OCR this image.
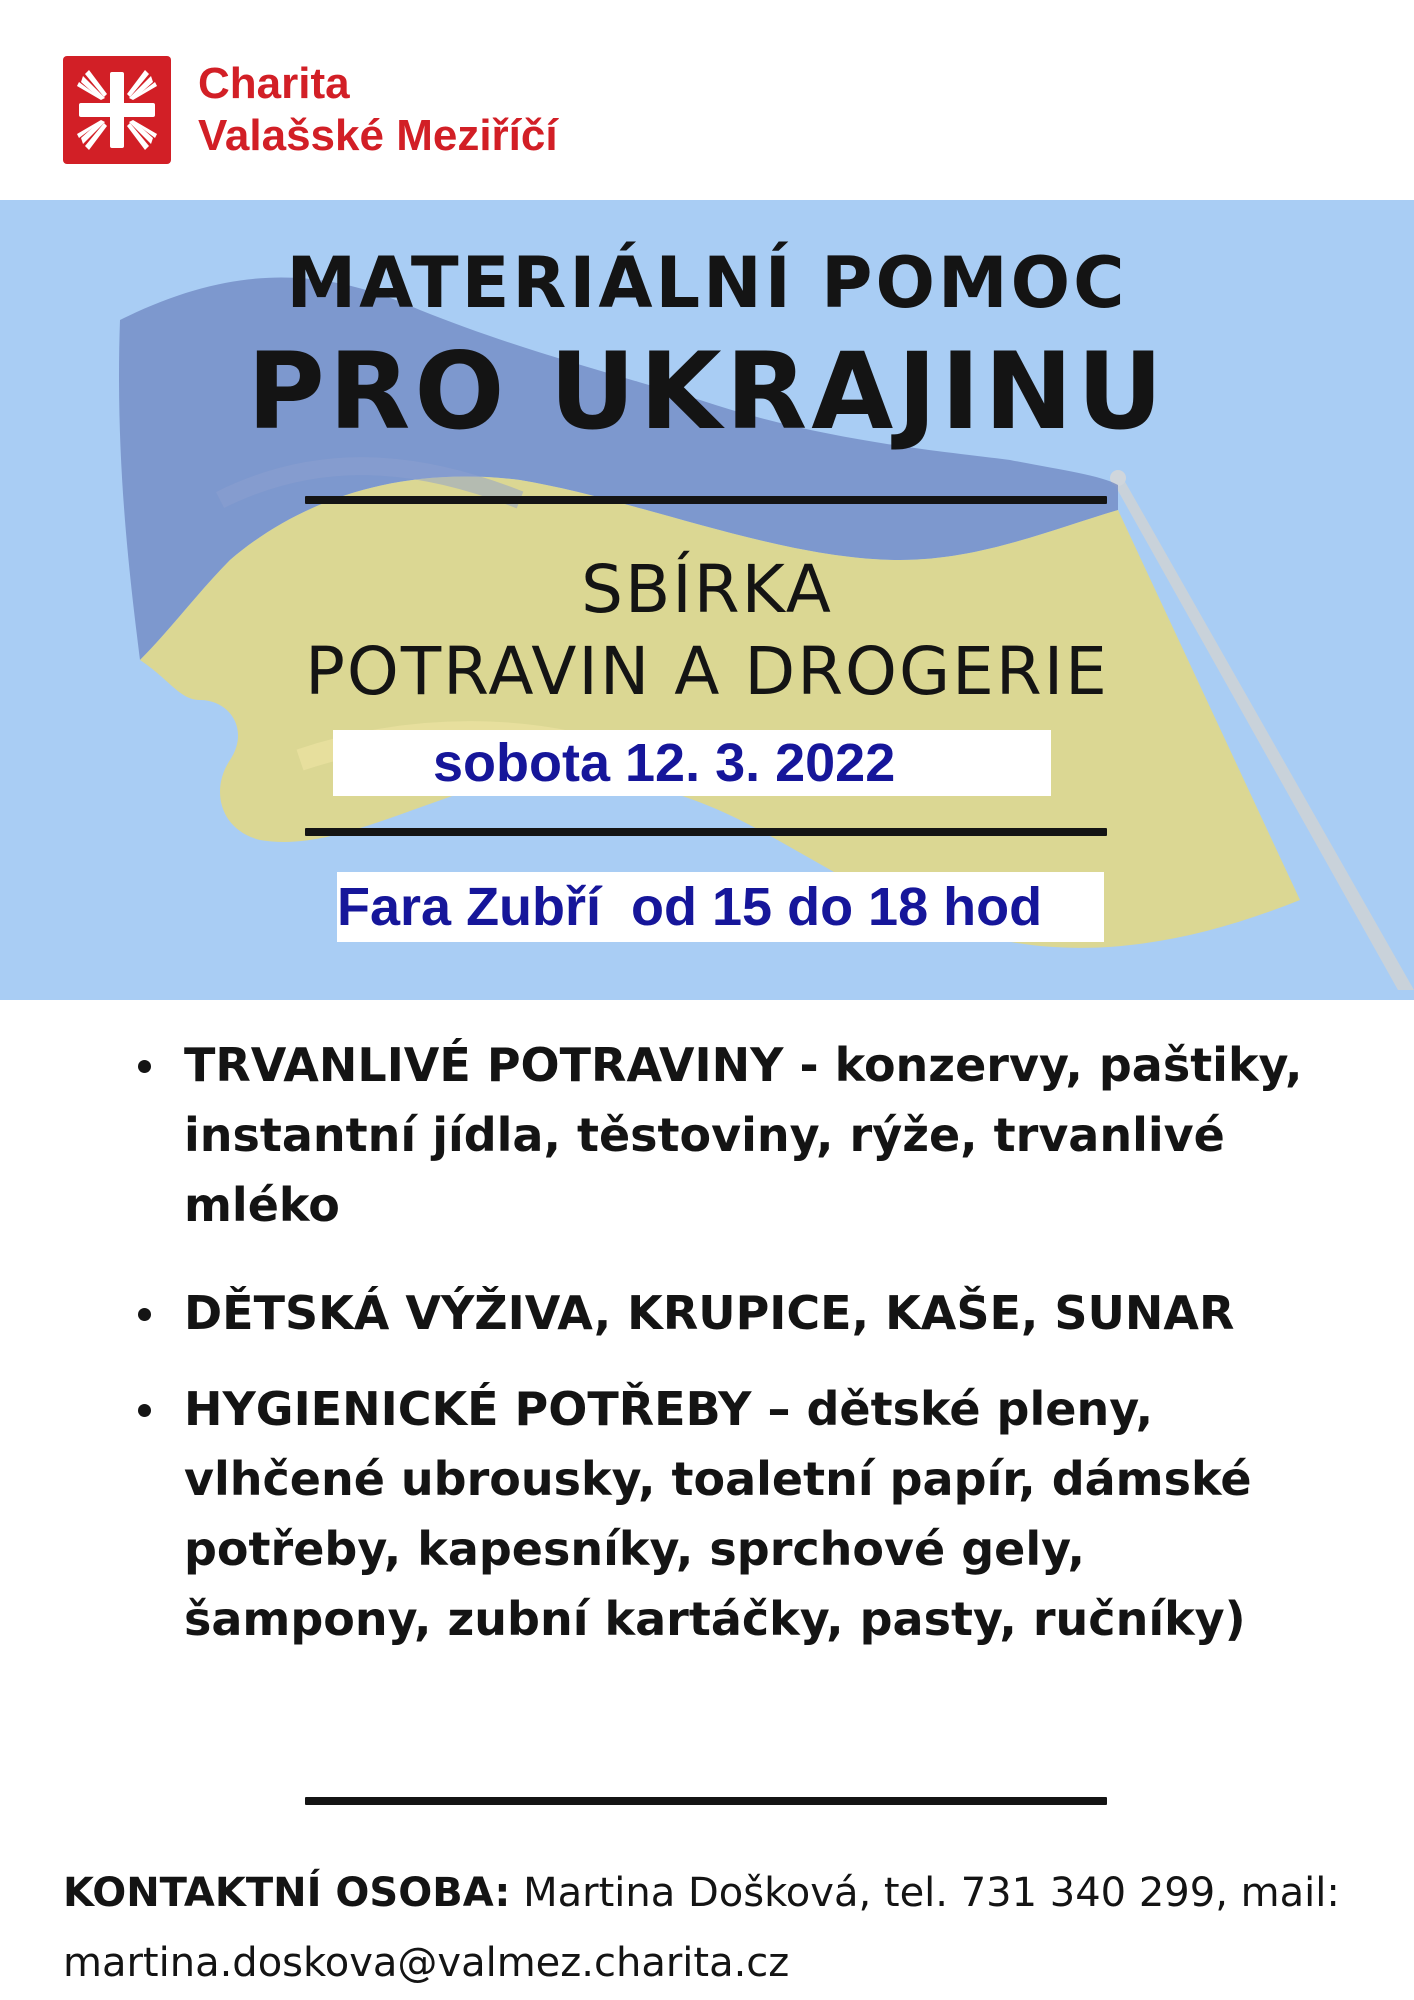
Charita
Valašské Meziříčí
MATERIÁLNÍ POMOC
PRO UKRAJINU
SBÍRKA
POTRAVIN A DROGERIE
sobota 12. 3. 2022
Fara Zubří  od 15 do 18 hod
TRVANLIVÉ POTRAVINY - konzervy, paštiky, instantní jídla, těstoviny, rýže, trvanlivé mléko
DĚTSKÁ VÝŽIVA, KRUPICE, KAŠE, SUNAR
HYGIENICKÉ POTŘEBY – dětské pleny, vlhčené ubrousky, toaletní papír, dámské potřeby, kapesníky, sprchové gely, šampony, zubní kartáčky, pasty, ručníky)
KONTAKTNÍ OSOBA: Martina Došková, tel. 731 340 299, mail:
martina.doskova@valmez.charita.cz
